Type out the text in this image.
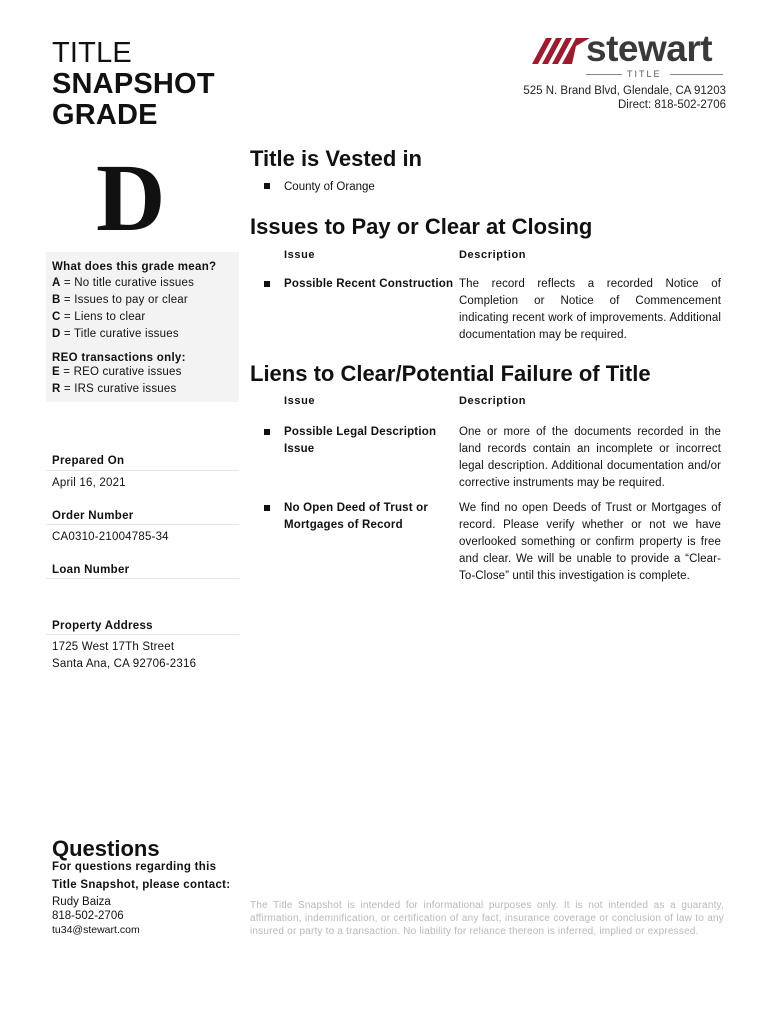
TITLE
SNAPSHOT
GRADE
stewart
TITLE
525 N. Brand Blvd, Glendale, CA 91203
Direct: 818-502-2706
D
What does this grade mean?
A = No title curative issues
B = Issues to pay or clear
C = Liens to clear
D = Title curative issues
REO transactions only:
E = REO curative issues
R = IRS curative issues
Prepared On
April 16, 2021
Order Number
CA0310-21004785-34
Loan Number
Property Address
1725 West 17Th Street
Santa Ana, CA 92706-2316
Title is Vested in
County of Orange
Issues to Pay or Clear at Closing
Issue	Description
Possible Recent Construction The record reflects a recorded Notice of Completion or Notice of Commencement indicating recent work of improvements. Additional documentation may be required.
Liens to Clear/Potential Failure of Title
Issue	Description
Possible Legal Description Issue
One or more of the documents recorded in the land records contain an incomplete or incorrect legal description. Additional documentation and/or corrective instruments may be required.
No Open Deed of Trust or Mortgages of Record
We find no open Deeds of Trust or Mortgages of record. Please verify whether or not we have overlooked something or confirm property is free and clear. We will be unable to provide a “Clear-To-Close” until this investigation is complete.
Questions
For questions regarding this
Title Snapshot, please contact:
Rudy Baiza
818-502-2706
tu34@stewart.com
The Title Snapshot is intended for informational purposes only. It is not intended as a guaranty, affirmation, indemnification, or certification of any fact, insurance coverage or conclusion of law to any insured or party to a transaction. No liability for reliance thereon is inferred, implied or expressed.
